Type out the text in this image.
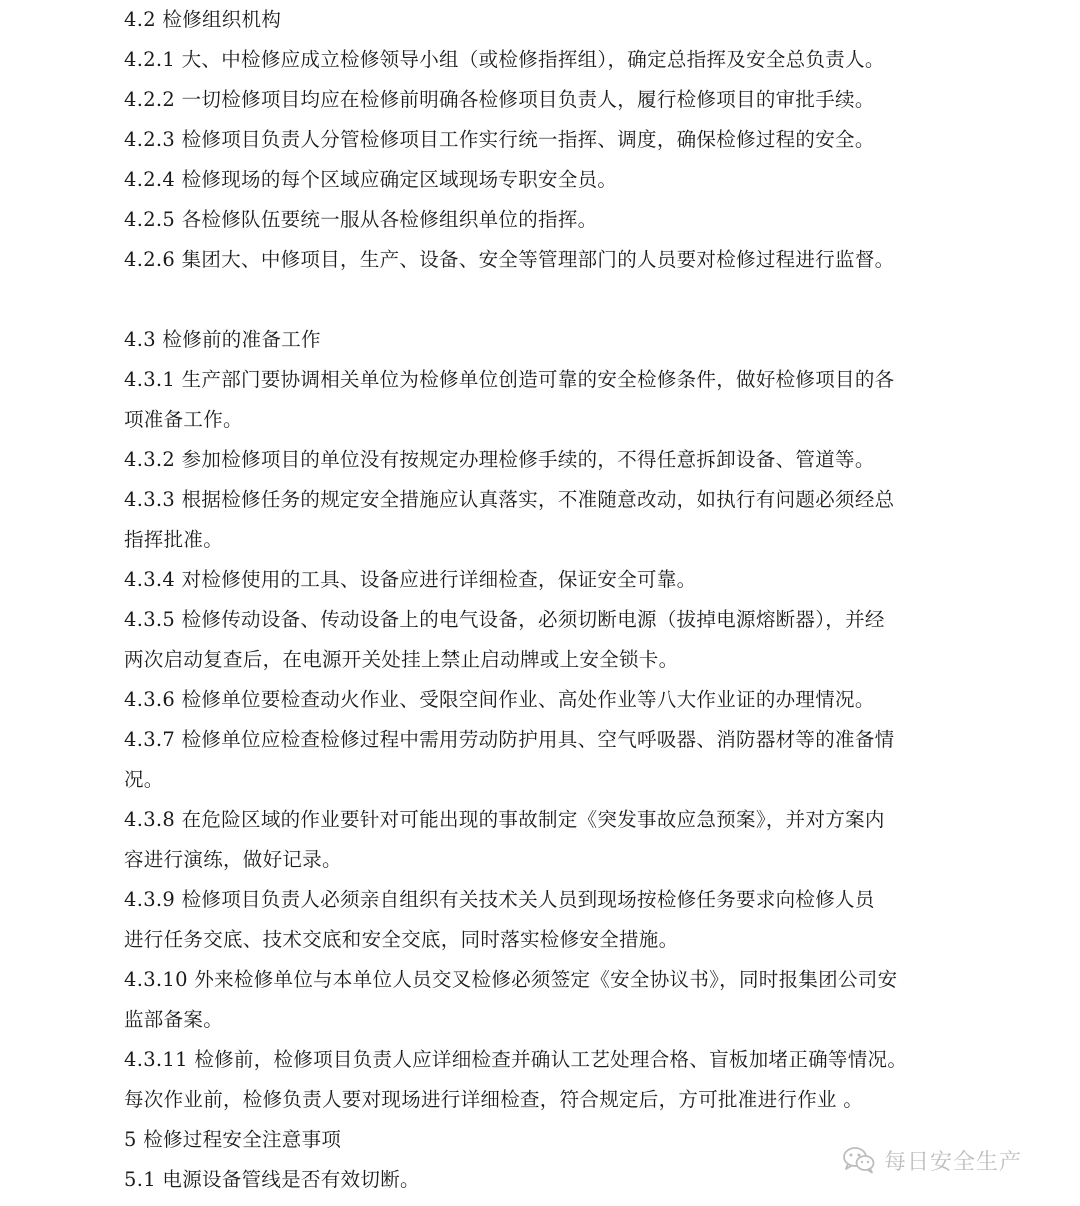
4.2 检修组织机构
4.2.1 大、中检修应成立检修领导小组（或检修指挥组），确定总指挥及安全总负责人。
4.2.2 一切检修项目均应在检修前明确各检修项目负责人，履行检修项目的审批手续。
4.2.3 检修项目负责人分管检修项目工作实行统一指挥、调度，确保检修过程的安全。
4.2.4 检修现场的每个区域应确定区域现场专职安全员。
4.2.5 各检修队伍要统一服从各检修组织单位的指挥。
4.2.6 集团大、中修项目，生产、设备、安全等管理部门的人员要对检修过程进行监督。
4.3 检修前的准备工作
4.3.1 生产部门要协调相关单位为检修单位创造可靠的安全检修条件，做好检修项目的各
项准备工作。
4.3.2 参加检修项目的单位没有按规定办理检修手续的，不得任意拆卸设备、管道等。
4.3.3 根据检修任务的规定安全措施应认真落实，不准随意改动，如执行有问题必须经总
指挥批准。
4.3.4 对检修使用的工具、设备应进行详细检查，保证安全可靠。
4.3.5 检修传动设备、传动设备上的电气设备，必须切断电源（拔掉电源熔断器），并经
两次启动复查后，在电源开关处挂上禁止启动牌或上安全锁卡。
4.3.6 检修单位要检查动火作业、受限空间作业、高处作业等八大作业证的办理情况。
4.3.7 检修单位应检查检修过程中需用劳动防护用具、空气呼吸器、消防器材等的准备情
况。
4.3.8 在危险区域的作业要针对可能出现的事故制定《突发事故应急预案》，并对方案内
容进行演练，做好记录。
4.3.9 检修项目负责人必须亲自组织有关技术关人员到现场按检修任务要求向检修人员
进行任务交底、技术交底和安全交底，同时落实检修安全措施。
4.3.10 外来检修单位与本单位人员交叉检修必须签定《安全协议书》，同时报集团公司安
监部备案。
4.3.11 检修前，检修项目负责人应详细检查并确认工艺处理合格、盲板加堵正确等情况。
每次作业前，检修负责人要对现场进行详细检查，符合规定后，方可批准进行作业 。
5 检修过程安全注意事项
5.1 电源设备管线是否有效切断。
每日安全生产
